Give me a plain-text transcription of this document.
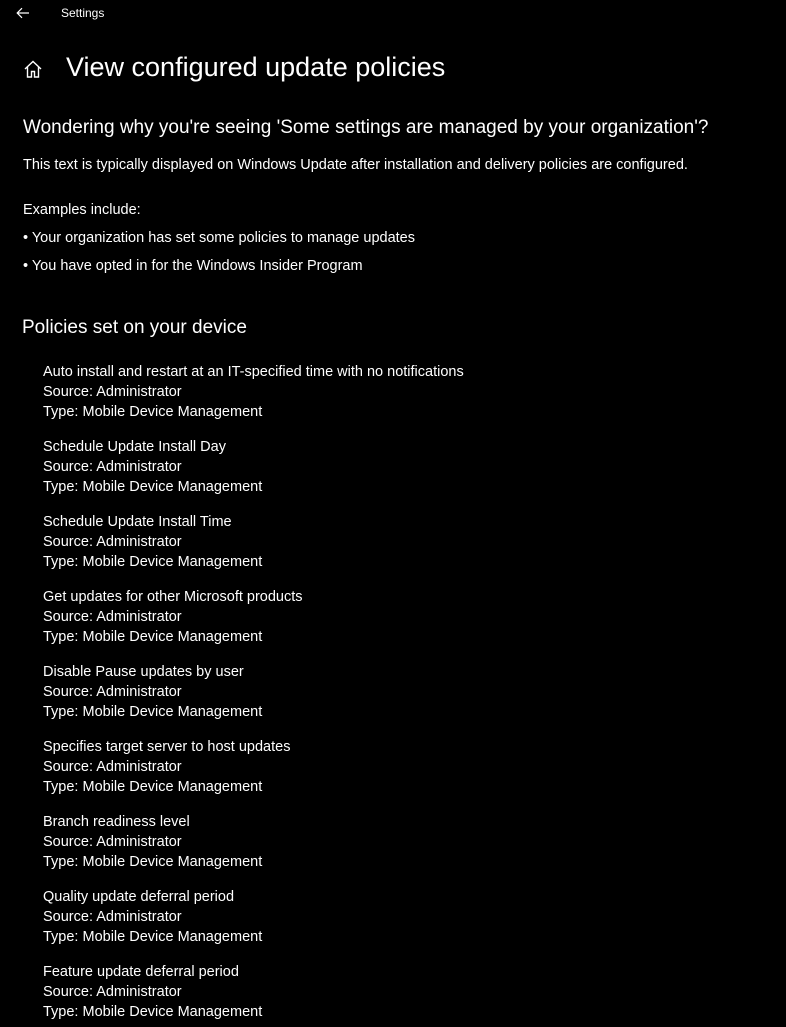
Settings
View configured update policies
Wondering why you're seeing 'Some settings are managed by your organization'?
This text is typically displayed on Windows Update after installation and delivery policies are configured.
Examples include:
• Your organization has set some policies to manage updates
• You have opted in for the Windows Insider Program
Policies set on your device
Auto install and restart at an IT-specified time with no notifications
Source: Administrator
Type: Mobile Device Management
Schedule Update Install Day
Source: Administrator
Type: Mobile Device Management
Schedule Update Install Time
Source: Administrator
Type: Mobile Device Management
Get updates for other Microsoft products
Source: Administrator
Type: Mobile Device Management
Disable Pause updates by user
Source: Administrator
Type: Mobile Device Management
Specifies target server to host updates
Source: Administrator
Type: Mobile Device Management
Branch readiness level
Source: Administrator
Type: Mobile Device Management
Quality update deferral period
Source: Administrator
Type: Mobile Device Management
Feature update deferral period
Source: Administrator
Type: Mobile Device Management
